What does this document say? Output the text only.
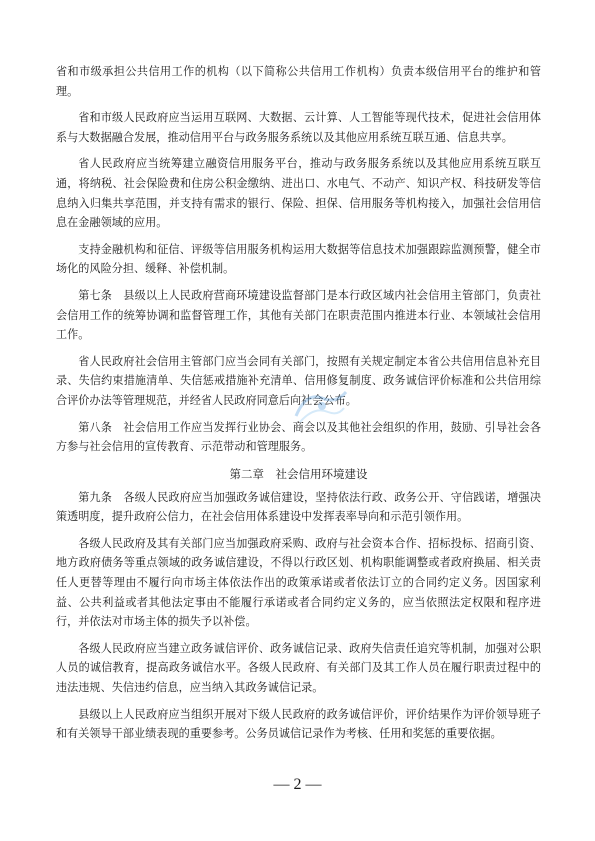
省和市级承担公共信用工作的机构（以下简称公共信用工作机构）负责本级信用平台的维护和管理。

省和市级人民政府应当运用互联网、大数据、云计算、人工智能等现代技术，促进社会信用体系与大数据融合发展，推动信用平台与政务服务系统以及其他应用系统互联互通、信息共享。

省人民政府应当统筹建立融资信用服务平台，推动与政务服务系统以及其他应用系统互联互通，将纳税、社会保险费和住房公积金缴纳、进出口、水电气、不动产、知识产权、科技研发等信息纳入归集共享范围，并支持有需求的银行、保险、担保、信用服务等机构接入，加强社会信用信息在金融领域的应用。

支持金融机构和征信、评级等信用服务机构运用大数据等信息技术加强跟踪监测预警，健全市场化的风险分担、缓释、补偿机制。

第七条　县级以上人民政府营商环境建设监督部门是本行政区域内社会信用主管部门，负责社会信用工作的统筹协调和监督管理工作，其他有关部门在职责范围内推进本行业、本领域社会信用工作。

省人民政府社会信用主管部门应当会同有关部门，按照有关规定制定本省公共信用信息补充目录、失信约束措施清单、失信惩戒措施补充清单、信用修复制度、政务诚信评价标准和公共信用综合评价办法等管理规范，并经省人民政府同意后向社会公布。

第八条　社会信用工作应当发挥行业协会、商会以及其他社会组织的作用，鼓励、引导社会各方参与社会信用的宣传教育、示范带动和管理服务。

第二章　社会信用环境建设

第九条　各级人民政府应当加强政务诚信建设，坚持依法行政、政务公开、守信践诺，增强决策透明度，提升政府公信力，在社会信用体系建设中发挥表率导向和示范引领作用。

各级人民政府及其有关部门应当加强政府采购、政府与社会资本合作、招标投标、招商引资、地方政府债务等重点领域的政务诚信建设，不得以行政区划、机构职能调整或者政府换届、相关责任人更替等理由不履行向市场主体依法作出的政策承诺或者依法订立的合同约定义务。因国家利益、公共利益或者其他法定事由不能履行承诺或者合同约定义务的，应当依照法定权限和程序进行，并依法对市场主体的损失予以补偿。

各级人民政府应当建立政务诚信评价、政务诚信记录、政府失信责任追究等机制，加强对公职人员的诚信教育，提高政务诚信水平。各级人民政府、有关部门及其工作人员在履行职责过程中的违法违规、失信违约信息，应当纳入其政务诚信记录。

县级以上人民政府应当组织开展对下级人民政府的政务诚信评价，评价结果作为评价领导班子和有关领导干部业绩表现的重要参考。公务员诚信记录作为考核、任用和奖惩的重要依据。

— 2 —
